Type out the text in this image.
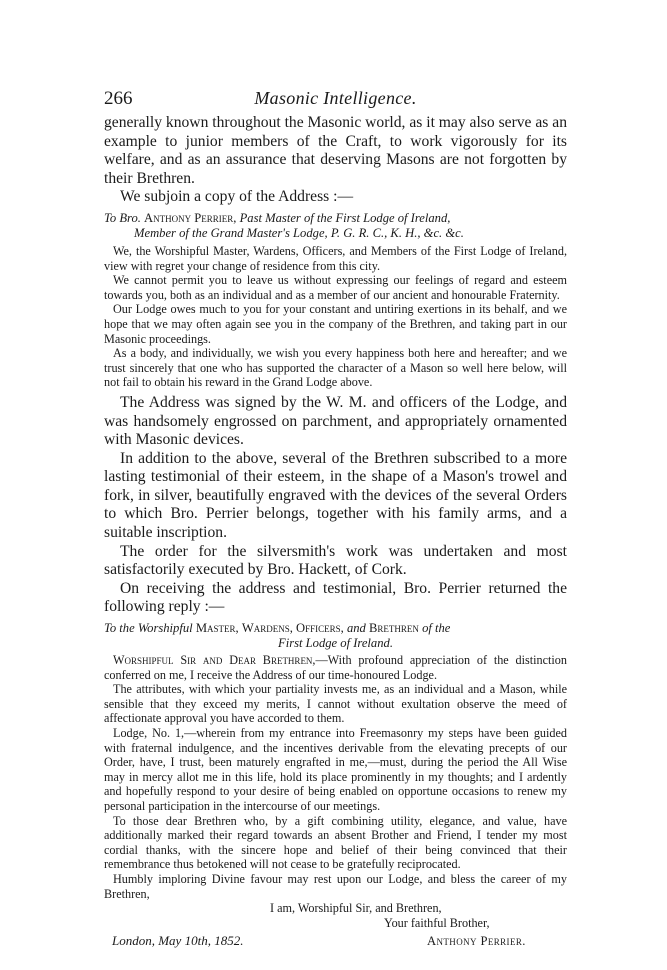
266	Masonic Intelligence.

generally known throughout the Masonic world, as it may also serve as an example to junior members of the Craft, to work vigorously for its welfare, and as an assurance that deserving Masons are not forgotten by their Brethren.

We subjoin a copy of the Address :—

To Bro. Anthony Perrier, Past Master of the First Lodge of Ireland,
Member of the Grand Master's Lodge, P. G. R. C., K. H., &c. &c.

We, the Worshipful Master, Wardens, Officers, and Members of the First Lodge of Ireland, view with regret your change of residence from this city.

We cannot permit you to leave us without expressing our feelings of regard and esteem towards you, both as an individual and as a member of our ancient and honourable Fraternity.

Our Lodge owes much to you for your constant and untiring exertions in its behalf, and we hope that we may often again see you in the company of the Brethren, and taking part in our Masonic proceedings.

As a body, and individually, we wish you every happiness both here and hereafter; and we trust sincerely that one who has supported the character of a Mason so well here below, will not fail to obtain his reward in the Grand Lodge above.

The Address was signed by the W. M. and officers of the Lodge, and was handsomely engrossed on parchment, and appropriately ornamented with Masonic devices.

In addition to the above, several of the Brethren subscribed to a more lasting testimonial of their esteem, in the shape of a Mason's trowel and fork, in silver, beautifully engraved with the devices of the several Orders to which Bro. Perrier belongs, together with his family arms, and a suitable inscription.

The order for the silversmith's work was undertaken and most satisfactorily executed by Bro. Hackett, of Cork.

On receiving the address and testimonial, Bro. Perrier returned the following reply :—

To the Worshipful Master, Wardens, Officers, and Brethren of the
First Lodge of Ireland.

Worshipful Sir and Dear Brethren,—With profound appreciation of the distinction conferred on me, I receive the Address of our time-honoured Lodge.

The attributes, with which your partiality invests me, as an individual and a Mason, while sensible that they exceed my merits, I cannot without exultation observe the meed of affectionate approval you have accorded to them.

Lodge, No. 1,—wherein from my entrance into Freemasonry my steps have been guided with fraternal indulgence, and the incentives derivable from the elevating precepts of our Order, have, I trust, been maturely engrafted in me,—must, during the period the All Wise may in mercy allot me in this life, hold its place prominently in my thoughts; and I ardently and hopefully respond to your desire of being enabled on opportune occasions to renew my personal participation in the intercourse of our meetings.

To those dear Brethren who, by a gift combining utility, elegance, and value, have additionally marked their regard towards an absent Brother and Friend, I tender my most cordial thanks, with the sincere hope and belief of their being convinced that their remembrance thus betokened will not cease to be gratefully reciprocated.

Humbly imploring Divine favour may rest upon our Lodge, and bless the career of my Brethren,

I am, Worshipful Sir, and Brethren,
Your faithful Brother,
London, May 10th, 1852.	Anthony Perrier.
